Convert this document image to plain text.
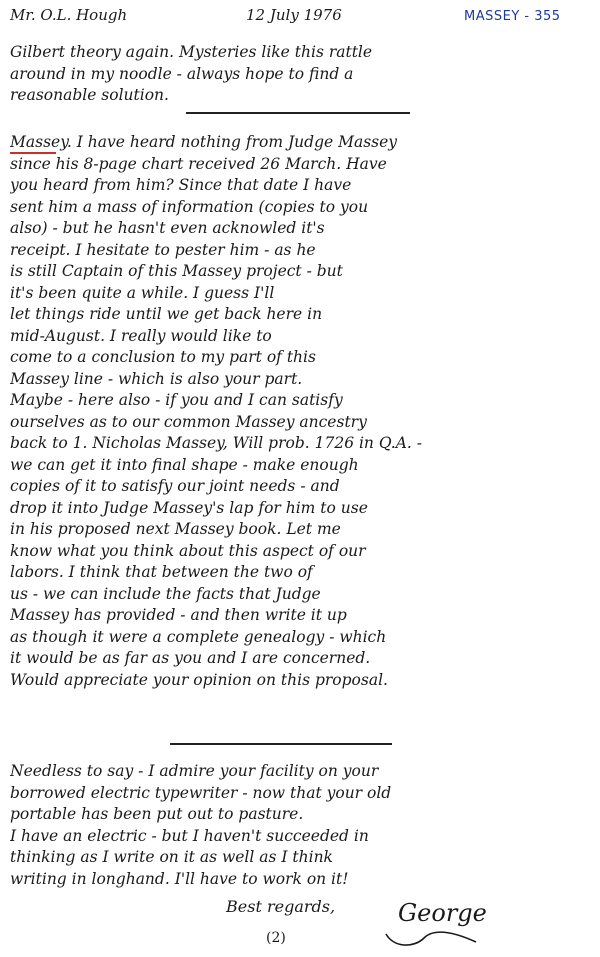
Mr. O.L. Hough	12 July 1976	MASSEY - 355
Gilbert theory again. Mysteries like this rattle
around in my noodle - always hope to find a
reasonable solution.
Massey. I have heard nothing from Judge Massey
since his 8-page chart received 26 March. Have
you heard from him? Since that date I have
sent him a mass of information (copies to you
also) - but he hasn't even acknowled it's
receipt. I hesitate to pester him - as he
is still Captain of this Massey project - but
it's been quite a while. I guess I'll
let things ride until we get back here in
mid-August. I really would like to
come to a conclusion to my part of this
Massey line - which is also your part.
Maybe - here also - if you and I can satisfy
ourselves as to our common Massey ancestry
back to 1. Nicholas Massey, Will prob. 1726 in Q.A. -
we can get it into final shape - make enough
copies of it to satisfy our joint needs - and
drop it into Judge Massey's lap for him to use
in his proposed next Massey book. Let me
know what you think about this aspect of our
labors. I think that between the two of
us - we can include the facts that Judge
Massey has provided - and then write it up
as though it were a complete genealogy - which
it would be as far as you and I are concerned.
Would appreciate your opinion on this proposal.
Needless to say - I admire your facility on your
borrowed electric typewriter - now that your old
portable has been put out to pasture.
I have an electric - but I haven't succeeded in
thinking as I write on it as well as I think
writing in longhand. I'll have to work on it!
Best regards,	George
(2)
